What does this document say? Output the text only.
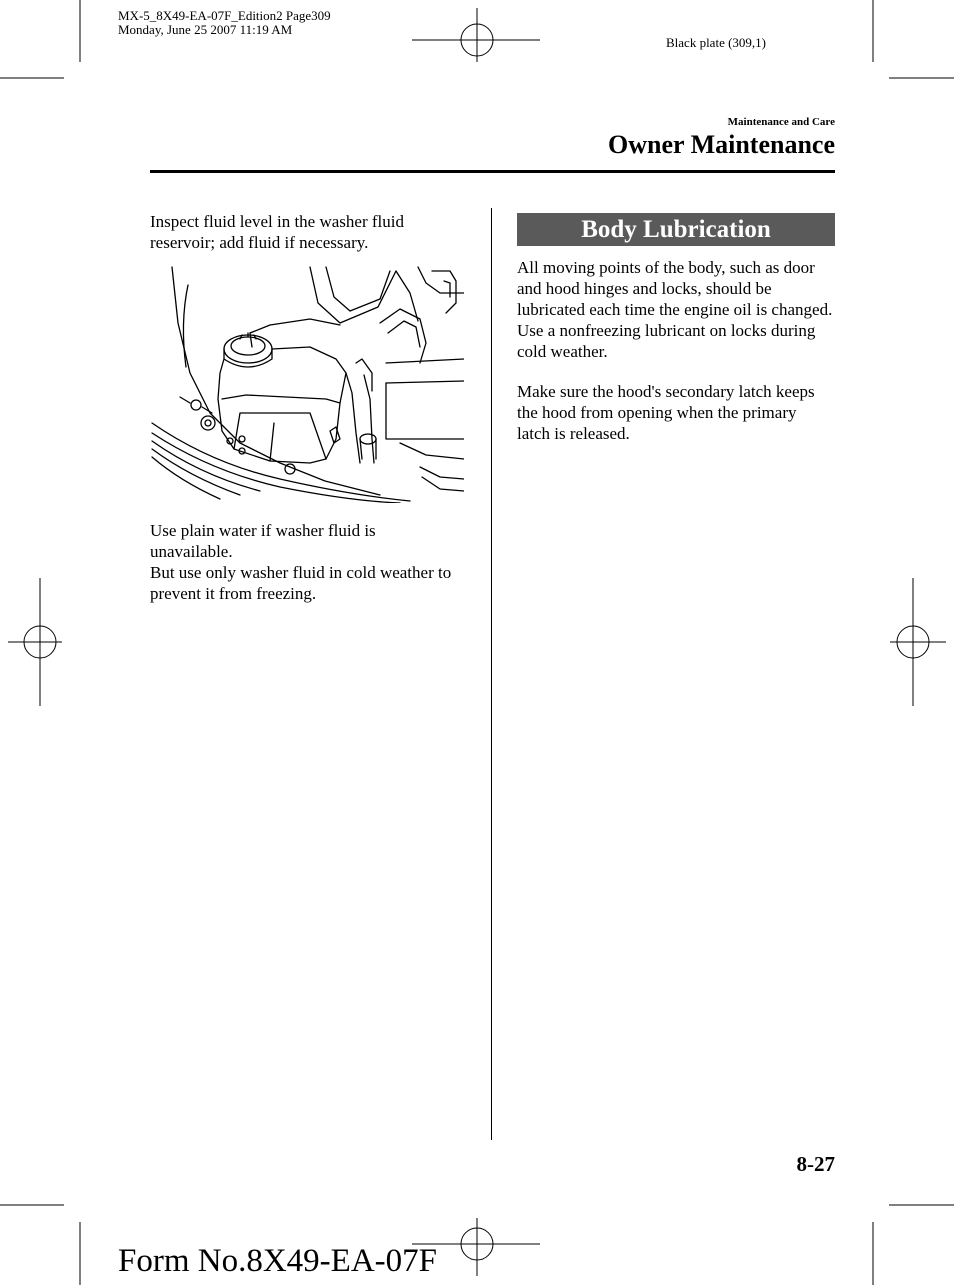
MX-5_8X49-EA-07F_Edition2 Page309
Monday, June 25 2007 11:19 AM
Black plate (309,1)
Maintenance and Care
Owner Maintenance
Inspect fluid level in the washer fluid reservoir; add fluid if necessary.
Use plain water if washer fluid is unavailable.
But use only washer fluid in cold weather to prevent it from freezing.
Body Lubrication
All moving points of the body, such as door and hood hinges and locks, should be lubricated each time the engine oil is changed. Use a nonfreezing lubricant on locks during cold weather.
Make sure the hood's secondary latch keeps the hood from opening when the primary latch is released.
8-27
Form No.8X49-EA-07F
